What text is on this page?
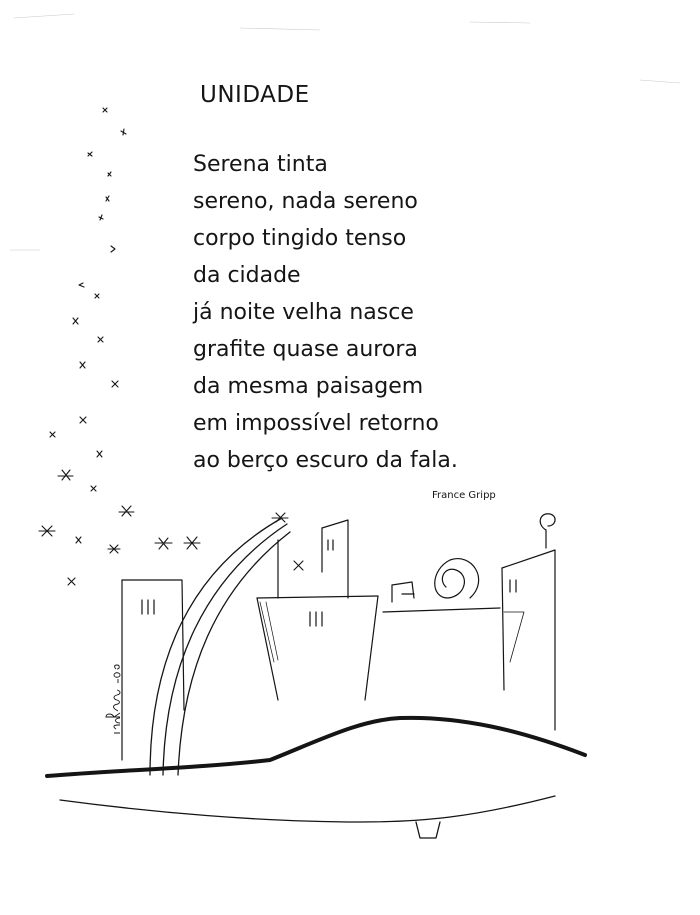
UNIDADE
Serena tinta
sereno, nada sereno
corpo tingido tenso
da cidade
já noite velha nasce
grafite quase aurora
da mesma paisagem
em impossível retorno
ao berço escuro da fala.
France Gripp
